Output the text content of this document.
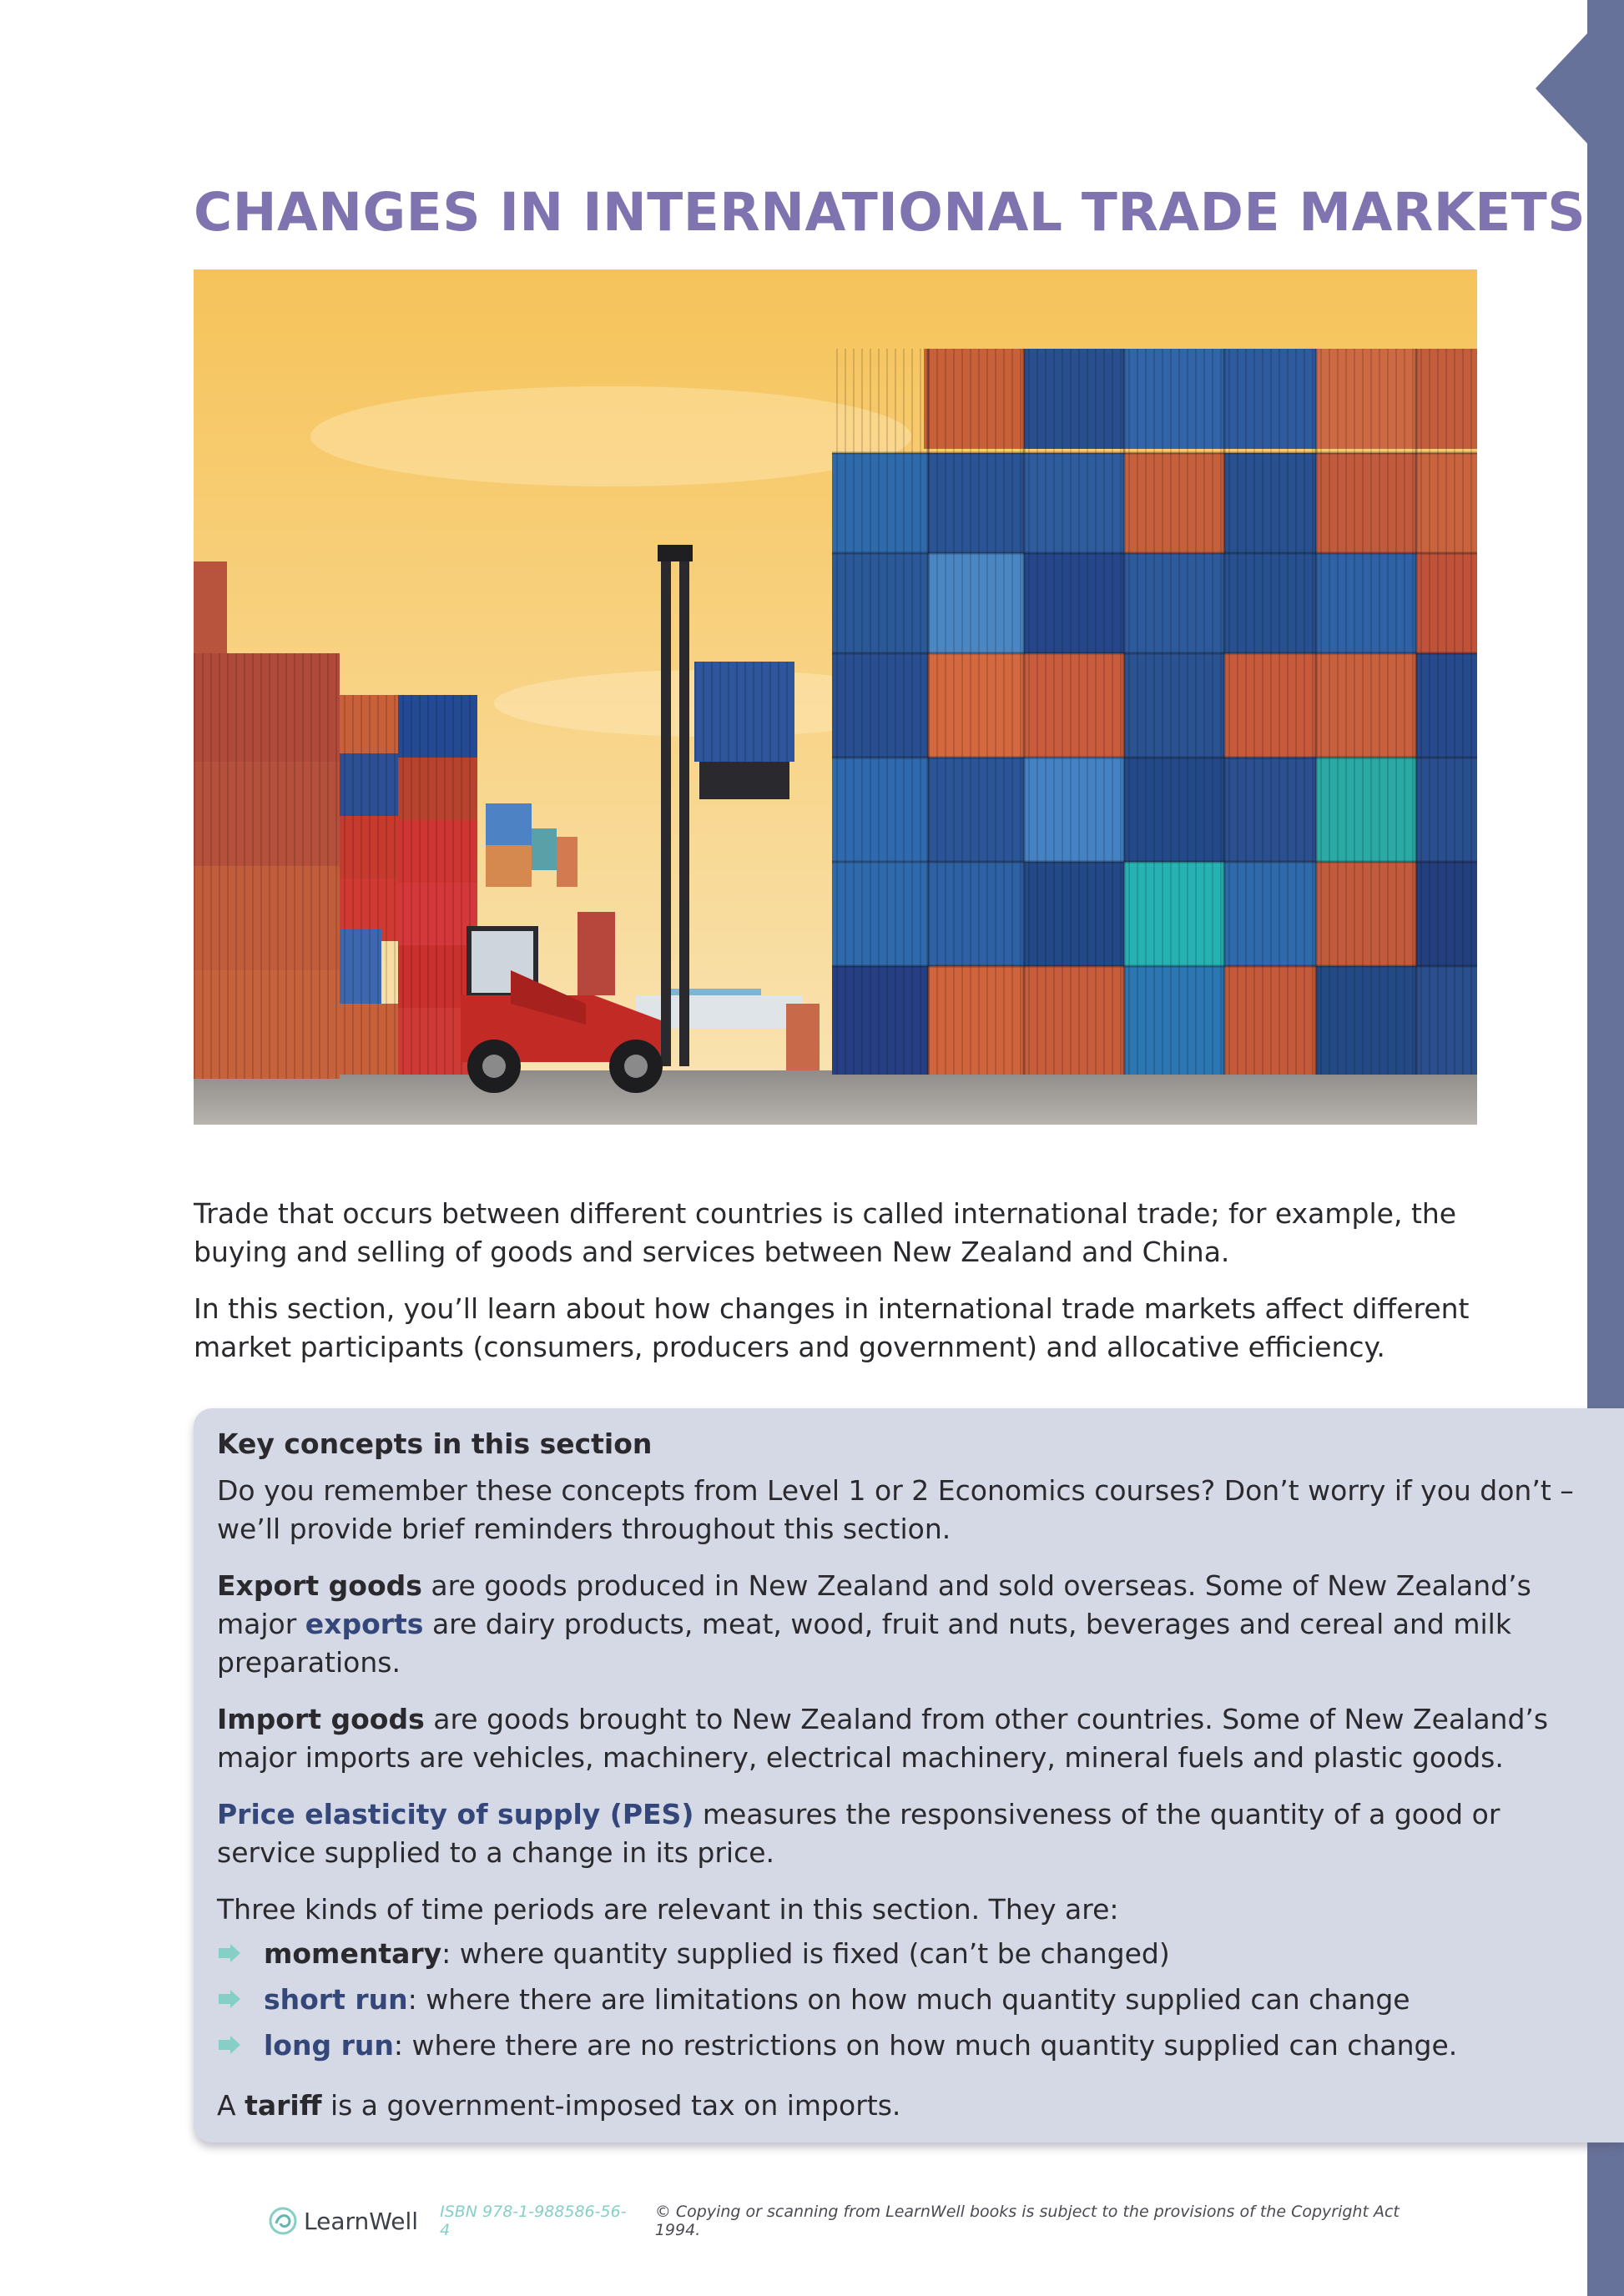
CHANGES IN INTERNATIONAL TRADE MARKETS

Trade that occurs between different countries is called international trade; for example, the buying and selling of goods and services between New Zealand and China.

In this section, you’ll learn about how changes in international trade markets affect different market participants (consumers, producers and government) and allocative efficiency.

Key concepts in this section

Do you remember these concepts from Level 1 or 2 Economics courses? Don’t worry if you don’t – we’ll provide brief reminders throughout this section.

Export goods are goods produced in New Zealand and sold overseas. Some of New Zealand’s major exports are dairy products, meat, wood, fruit and nuts, beverages and cereal and milk preparations.

Import goods are goods brought to New Zealand from other countries. Some of New Zealand’s major imports are vehicles, machinery, electrical machinery, mineral fuels and plastic goods.

Price elasticity of supply (PES) measures the responsiveness of the quantity of a good or service supplied to a change in its price.

Three kinds of time periods are relevant in this section. They are:

momentary: where quantity supplied is fixed (can’t be changed)
short run: where there are limitations on how much quantity supplied can change
long run: where there are no restrictions on how much quantity supplied can change.

A tariff is a government-imposed tax on imports.

LearnWell ISBN 978-1-988586-56-4
© Copying or scanning from LearnWell books is subject to the provisions of the Copyright Act 1994.
